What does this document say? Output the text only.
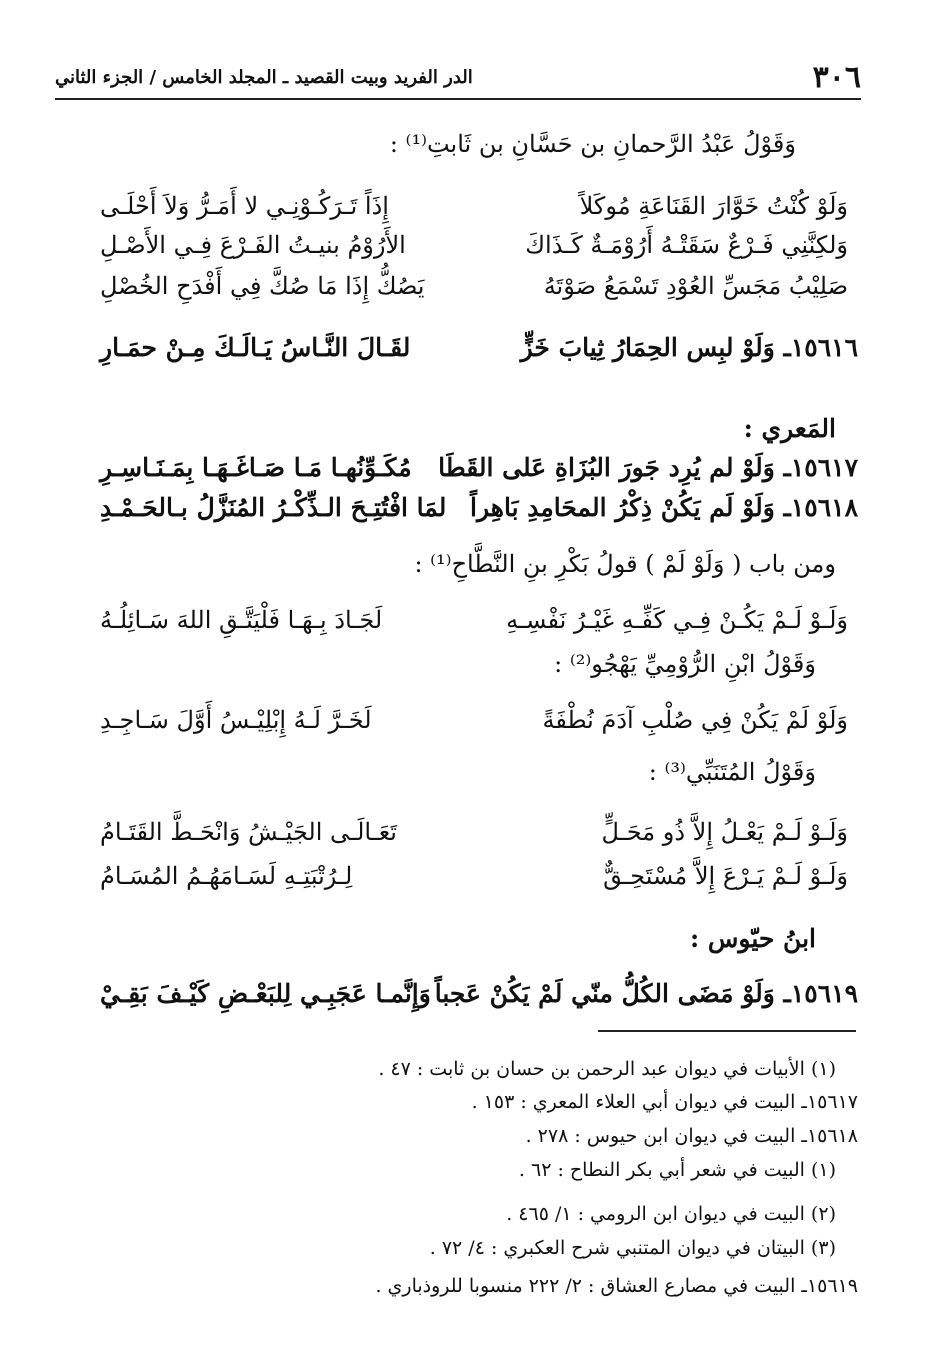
٣٠٦
الدر الفريد وبيت القصيد ـ المجلد الخامس / الجزء الثاني
وَقَوْلُ عَبْدُ الرَّحمانِ بن حَسَّانِ بن ثَابتِ⁽¹⁾ :
وَلَوْ كُنْتُ خَوَّارَ القَنَاعَةِ مُوكَلاً
إِذَاً تَـرَكُـوْنِـي لا أَمَـرُّ وَلاَ أَحْلَـى
وَلكِنَّنِي فَـرْعٌ سَقَتْـهُ أَرُوْمَـةٌ كَـذَاكَ
الأَرُوْمُ بنيـتُ الفَـرْعَ فِـي الأَصْـلِ
صَلِيْبُ مَجَسِّ العُوْدِ تَسْمَعُ صَوْتَهُ
يَصُكُّ إِذَا مَا صُكَّ فِي أَفْدَحِ الخُصْلِ
١٥٦١٦ـ وَلَوْ لبِس الحِمَارُ ثِيابَ خَزٍّ
لقَـالَ النَّـاسُ يَـالَـكَ مِـنْ حمَـارِ
المَعري :
١٥٦١٧ـ وَلَوْ لم يُرِد جَورَ البُزَاةِ عَلى القَطَا
مُكَـوِّنُهـا مَـا صَـاغَـهَـا بِمَـنَـاسِـرِ
١٥٦١٨ـ وَلَوْ لَم يَكُنْ ذِكْرُ المحَامِدِ بَاهِراً
لمَا افْتُتِـحَ الـذِّكْـرُ المُنَزَّلُ بـالحَـمْـدِ
ومن باب ( وَلَوْ لَمْ ) قولُ بَكْرِ بنِ النَّطَّاحِ⁽¹⁾ :
وَلَـوْ لَـمْ يَكُـنْ فِـي كَفِّـهِ غَيْـرُ نَفْسِـهِ
لَجَـادَ بِـهَـا فَلْيَتَّـقِ اللهَ سَـائِلُـهُ
وَقَوْلُ ابْنِ الرُّوْمِيِّ يَهْجُو⁽²⁾ :
وَلَوْ لَمْ يَكُنْ فِي صُلْبِ آدَمَ نُطْفَةً
لَخَـرَّ لَـهُ إِبْلِيْـسُ أَوَّلَ سَـاجِـدِ
وَقَوْلُ المُتَنَبِّي⁽³⁾ :
وَلَـوْ لَـمْ يَعْـلُ إِلاَّ ذُو مَحَـلٍّ
تَعَـالَـى الجَيْـشُ وَانْحَـطَّ القَتَـامُ
وَلَـوْ لَـمْ يَـرْعَ إِلاَّ مُسْتَحِـقٌّ
لِـرُتْبَتِـهِ لَسَـامَهُـمُ المُسَـامُ
ابنُ حيّوس :
١٥٦١٩ـ وَلَوْ مَضَى الكُلُّ منّي لَمْ يَكُنْ عَجباً
وَإِنَّمـا عَجَبِـي لِلبَعْـضِ كَيْـفَ بَقِـيْ
(١) الأبيات في ديوان عبد الرحمن بن حسان بن ثابت : ٤٧ .
١٥٦١٧ـ البيت في ديوان أبي العلاء المعري : ١٥٣ .
١٥٦١٨ـ البيت في ديوان ابن حيوس : ٢٧٨ .
(١) البيت في شعر أبي بكر النطاح : ٦٢ .
(٢) البيت في ديوان ابن الرومي : ١/ ٤٦٥ .
(٣) البيتان في ديوان المتنبي شرح العكبري : ٤/ ٧٢ .
١٥٦١٩ـ البيت في مصارع العشاق : ٢/ ٢٢٢ منسوبا للروذباري .
